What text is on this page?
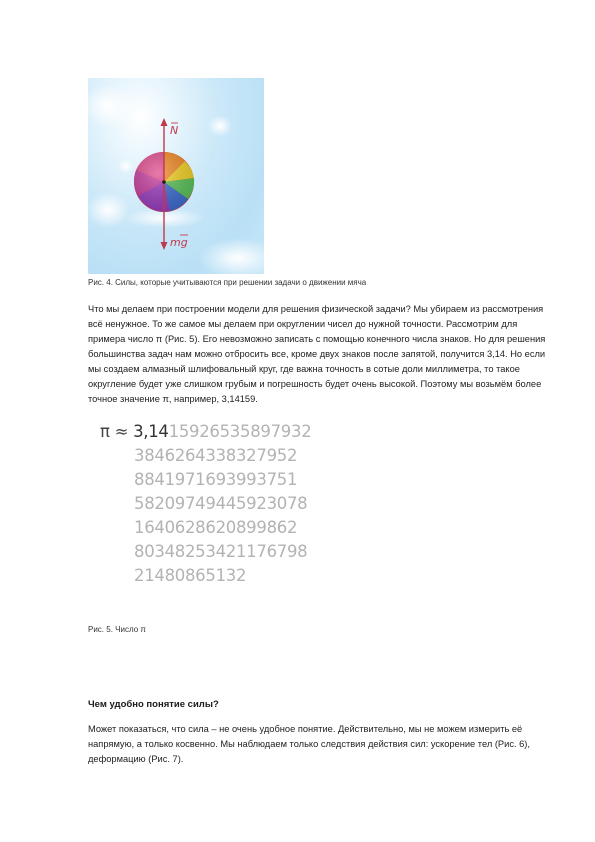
N
mg
Рис. 4. Силы, которые учитываются при решении задачи о движении мяча
Что мы делаем при построении модели для решения физической задачи? Мы убираем из рассмотрения всё ненужное. То же самое мы делаем при округлении чисел до нужной точности. Рассмотрим для примера число π (Рис. 5). Его невозможно записать с помощью конечного числа знаков. Но для решения большинства задач нам можно отбросить все, кроме двух знаков после запятой, получится 3,14. Но если мы создаем алмазный шлифовальный круг, где важна точность в сотые доли миллиметра, то такое округление будет уже слишком грубым и погрешность будет очень высокой. Поэтому мы возьмём более точное значение π, например, 3,14159.
π ≈ 3,1415926535897932
3846264338327952
8841971693993751
58209749445923078
1640628620899862
80348253421176798
21480865132
Рис. 5. Число π
Чем удобно понятие силы?
Может показаться, что сила – не очень удобное понятие. Действительно, мы не можем измерить её напрямую, а только косвенно. Мы наблюдаем только следствия действия сил: ускорение тел (Рис. 6), деформацию (Рис. 7).
